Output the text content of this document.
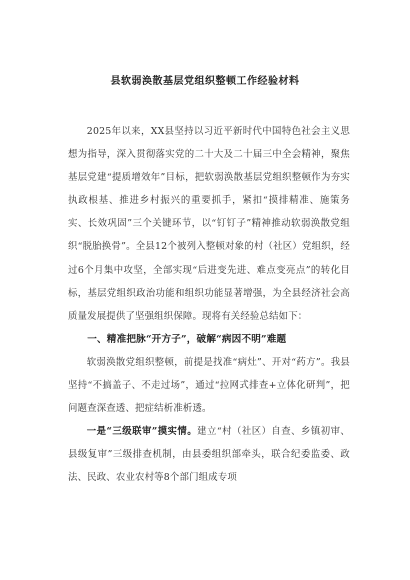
县软弱涣散基层党组织整顿工作经验材料

2025年以来，XX县坚持以习近平新时代中国特色社会主义思想为指导，深入贯彻落实党的二十大及二十届三中全会精神，聚焦基层党建“提质增效年”目标，把软弱涣散基层党组织整顿作为夯实执政根基、推进乡村振兴的重要抓手，紧扣“摸排精准、施策务实、长效巩固”三个关键环节，以“钉钉子”精神推动软弱涣散党组织“脱胎换骨”。全县12个被列入整顿对象的村（社区）党组织，经过6个月集中攻坚，全部实现“后进变先进、难点变亮点”的转化目标，基层党组织政治功能和组织功能显著增强，为全县经济社会高质量发展提供了坚强组织保障。现将有关经验总结如下：

一、精准把脉“开方子”，破解“病因不明”难题

软弱涣散党组织整顿，前提是找准“病灶”、开对“药方”。我县坚持“不搞盖子、不走过场”，通过“拉网式排查+立体化研判”，把问题查深查透、把症结析准析透。

一是“三级联审”摸实情。建立“村（社区）自查、乡镇初审、县级复审”三级排查机制，由县委组织部牵头，联合纪委监委、政法、民政、农业农村等8个部门组成专项
